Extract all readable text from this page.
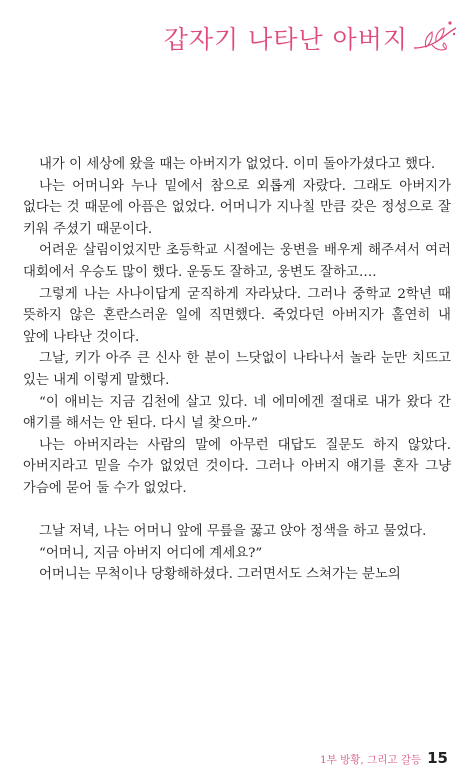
갑자기 나타난 아버지

내가 이 세상에 왔을 때는 아버지가 없었다. 이미 돌아가셨다고 했다.

나는 어머니와 누나 밑에서 참으로 외롭게 자랐다. 그래도 아버지가 없다는 것 때문에 아픔은 없었다. 어머니가 지나칠 만큼 갖은 정성으로 잘 키워 주셨기 때문이다.

어려운 살림이었지만 초등학교 시절에는 웅변을 배우게 해주셔서 여러 대회에서 우승도 많이 했다. 운동도 잘하고, 웅변도 잘하고….

그렇게 나는 사나이답게 굳직하게 자라났다. 그러나 중학교 2학년 때 뜻하지 않은 혼란스러운 일에 직면했다. 죽었다던 아버지가 홀연히 내 앞에 나타난 것이다.

그날, 키가 아주 큰 신사 한 분이 느닷없이 나타나서 놀라 눈만 치뜨고 있는 내게 이렇게 말했다.

“이 애비는 지금 김천에 살고 있다. 네 에미에겐 절대로 내가 왔다 간 얘기를 해서는 안 된다. 다시 널 찾으마.”

나는 아버지라는 사람의 말에 아무런 대답도 질문도 하지 않았다. 아버지라고 믿을 수가 없었던 것이다. 그러나 아버지 얘기를 혼자 그냥 가슴에 묻어 둘 수가 없었다.

그날 저녁, 나는 어머니 앞에 무릎을 꿇고 앉아 정색을 하고 물었다.

“어머니, 지금 아버지 어디에 계세요?”

어머니는 무척이나 당황해하셨다. 그러면서도 스쳐가는 분노의

1부 방황, 그리고 갈등 15
